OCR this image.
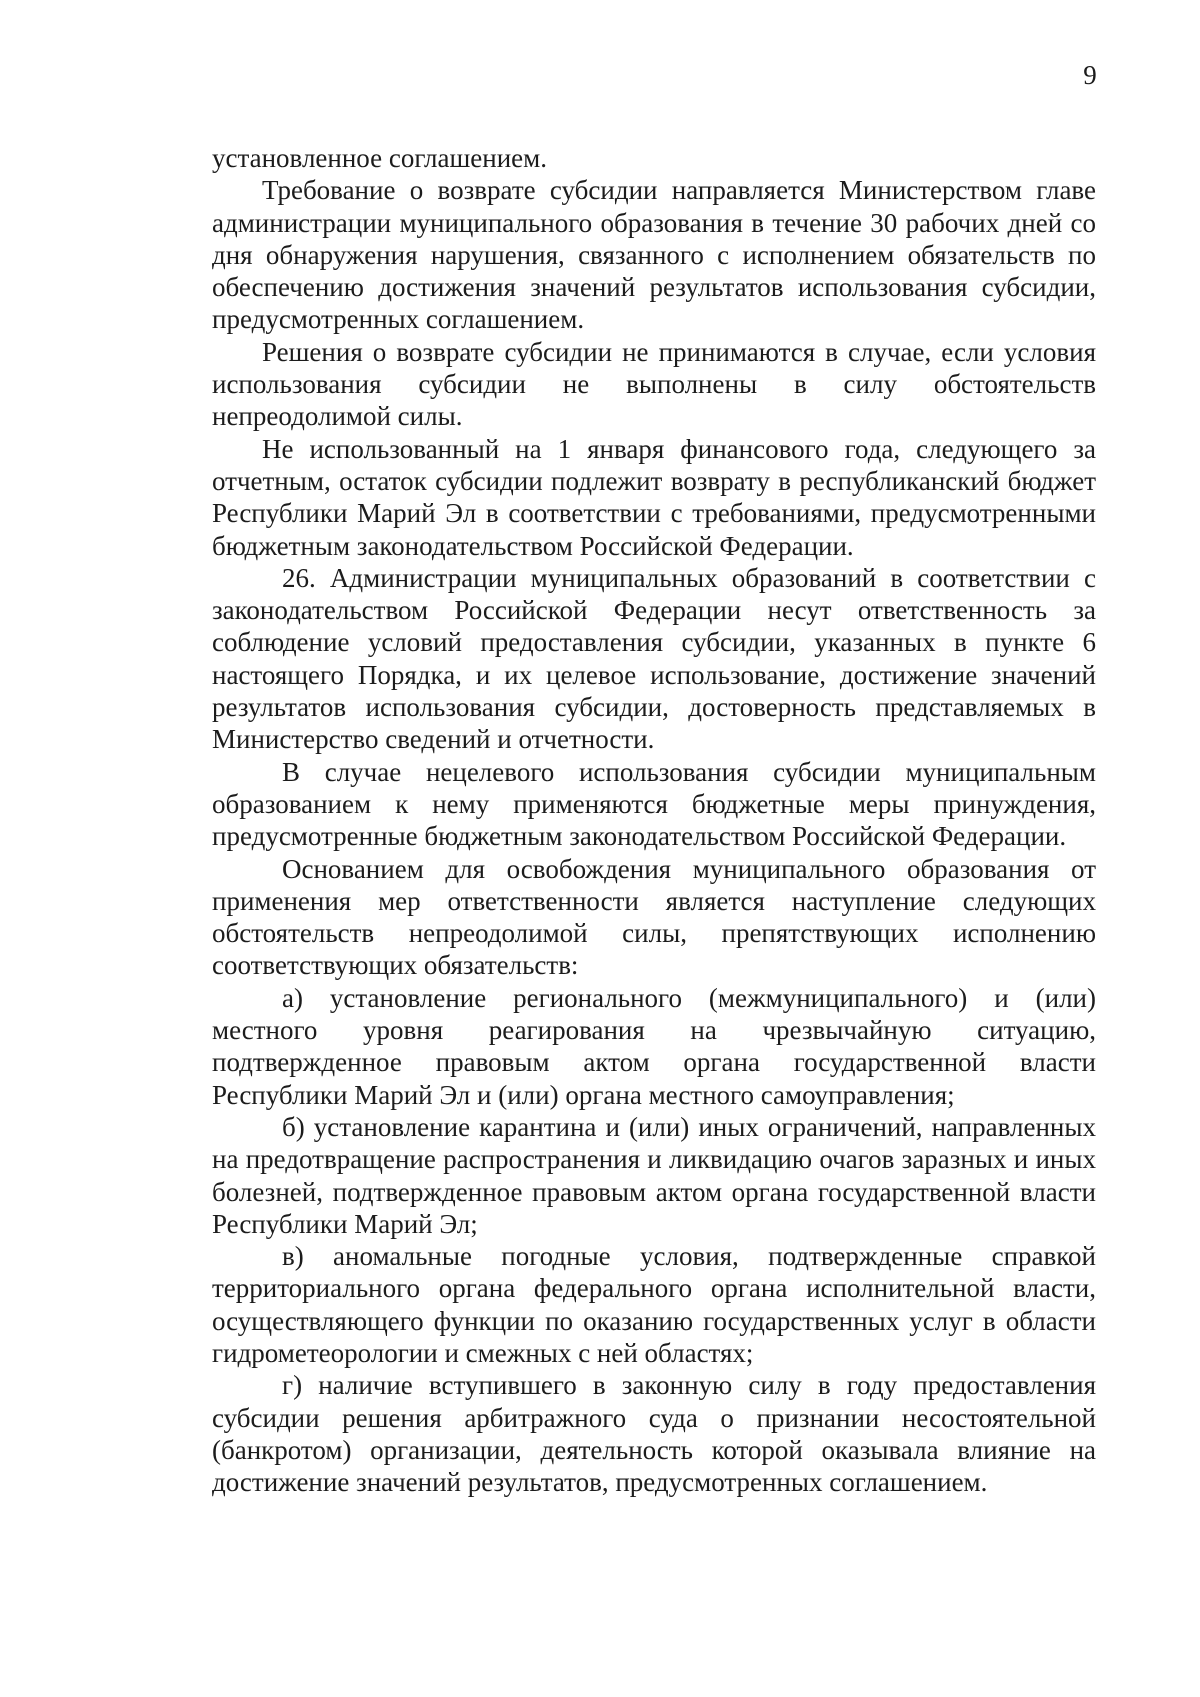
9

установленное соглашением.

Требование о возврате субсидии направляется Министерством главе администрации муниципального образования в течение 30 рабочих дней со дня обнаружения нарушения, связанного с исполнением обязательств по обеспечению достижения значений результатов использования субсидии, предусмотренных соглашением.

Решения о возврате субсидии не принимаются в случае, если условия использования субсидии не выполнены в силу обстоятельств непреодолимой силы.

Не использованный на 1 января финансового года, следующего за отчетным, остаток субсидии подлежит возврату в республиканский бюджет Республики Марий Эл в соответствии с требованиями, предусмотренными бюджетным законодательством Российской Федерации.

26. Администрации муниципальных образований в соответствии с законодательством Российской Федерации несут ответственность за соблюдение условий предоставления субсидии, указанных в пункте 6 настоящего Порядка, и их целевое использование, достижение значений результатов использования субсидии, достоверность представляемых в Министерство сведений и отчетности.

В случае нецелевого использования субсидии муниципальным образованием к нему применяются бюджетные меры принуждения, предусмотренные бюджетным законодательством Российской Федерации.

Основанием для освобождения муниципального образования от применения мер ответственности является наступление следующих обстоятельств непреодолимой силы, препятствующих исполнению соответствующих обязательств:

а) установление регионального (межмуниципального) и (или) местного уровня реагирования на чрезвычайную ситуацию, подтвержденное правовым актом органа государственной власти Республики Марий Эл и (или) органа местного самоуправления;

б) установление карантина и (или) иных ограничений, направленных на предотвращение распространения и ликвидацию очагов заразных и иных болезней, подтвержденное правовым актом органа государственной власти Республики Марий Эл;

в) аномальные погодные условия, подтвержденные справкой территориального органа федерального органа исполнительной власти, осуществляющего функции по оказанию государственных услуг в области гидрометеорологии и смежных с ней областях;

г) наличие вступившего в законную силу в году предоставления субсидии решения арбитражного суда о признании несостоятельной (банкротом) организации, деятельность которой оказывала влияние на достижение значений результатов, предусмотренных соглашением.
